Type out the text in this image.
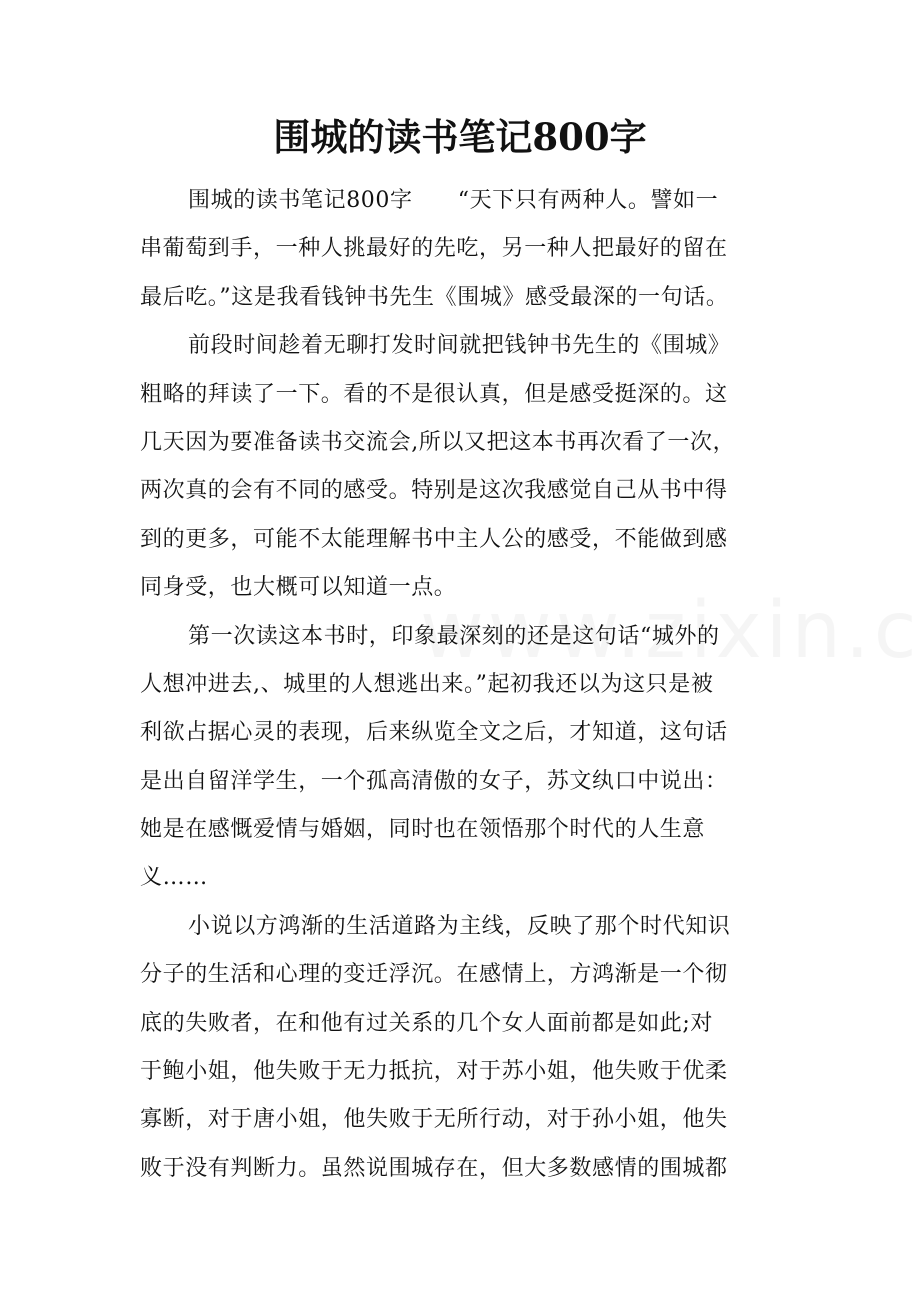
围城的读书笔记800字
围城的读书笔记800字　　“天下只有两种人。譬如一
串葡萄到手，一种人挑最好的先吃，另一种人把最好的留在
最后吃。”这是我看钱钟书先生《围城》感受最深的一句话。
前段时间趁着无聊打发时间就把钱钟书先生的《围城》
粗略的拜读了一下。看的不是很认真，但是感受挺深的。这
几天因为要准备读书交流会,所以又把这本书再次看了一次，
两次真的会有不同的感受。特别是这次我感觉自己从书中得
到的更多，可能不太能理解书中主人公的感受，不能做到感
同身受，也大概可以知道一点。
第一次读这本书时，印象最深刻的还是这句话“城外的
人想冲进去,、城里的人想逃出来。”起初我还以为这只是被
利欲占据心灵的表现，后来纵览全文之后，才知道，这句话
是出自留洋学生，一个孤高清傲的女子，苏文纨口中说出：
她是在感慨爱情与婚姻，同时也在领悟那个时代的人生意
义……
小说以方鸿渐的生活道路为主线，反映了那个时代知识
分子的生活和心理的变迁浮沉。在感情上，方鸿渐是一个彻
底的失败者，在和他有过关系的几个女人面前都是如此;对
于鲍小姐，他失败于无力抵抗，对于苏小姐，他失败于优柔
寡断，对于唐小姐，他失败于无所行动，对于孙小姐，他失
败于没有判断力。虽然说围城存在，但大多数感情的围城都
